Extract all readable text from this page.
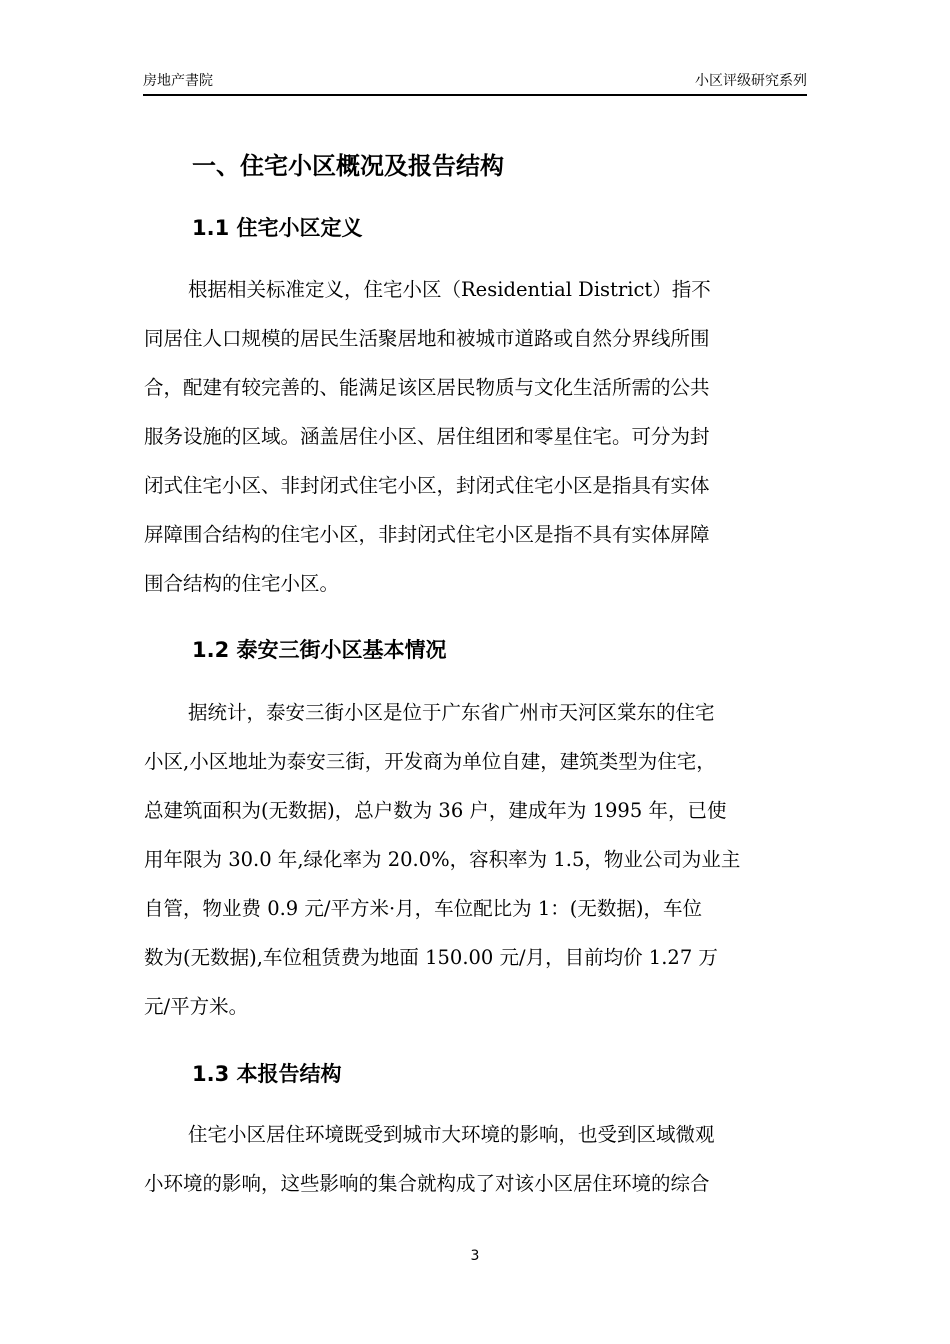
房地产書院	小区评级研究系列
一、住宅小区概况及报告结构
1.1 住宅小区定义
根据相关标准定义，住宅小区（Residential District）指不
同居住人口规模的居民生活聚居地和被城市道路或自然分界线所围
合，配建有较完善的、能满足该区居民物质与文化生活所需的公共
服务设施的区域。涵盖居住小区、居住组团和零星住宅。可分为封
闭式住宅小区、非封闭式住宅小区，封闭式住宅小区是指具有实体
屏障围合结构的住宅小区，非封闭式住宅小区是指不具有实体屏障
围合结构的住宅小区。
1.2 泰安三街小区基本情况
据统计，泰安三街小区是位于广东省广州市天河区棠东的住宅
小区,小区地址为泰安三街，开发商为单位自建，建筑类型为住宅，
总建筑面积为(无数据)，总户数为 36 户，建成年为 1995 年，已使
用年限为 30.0 年,绿化率为 20.0%，容积率为 1.5，物业公司为业主
自管，物业费 0.9 元/平方米·月，车位配比为 1：(无数据)，车位
数为(无数据),车位租赁费为地面 150.00 元/月，目前均价 1.27 万
元/平方米。
1.3 本报告结构
住宅小区居住环境既受到城市大环境的影响，也受到区域微观
小环境的影响，这些影响的集合就构成了对该小区居住环境的综合
3
